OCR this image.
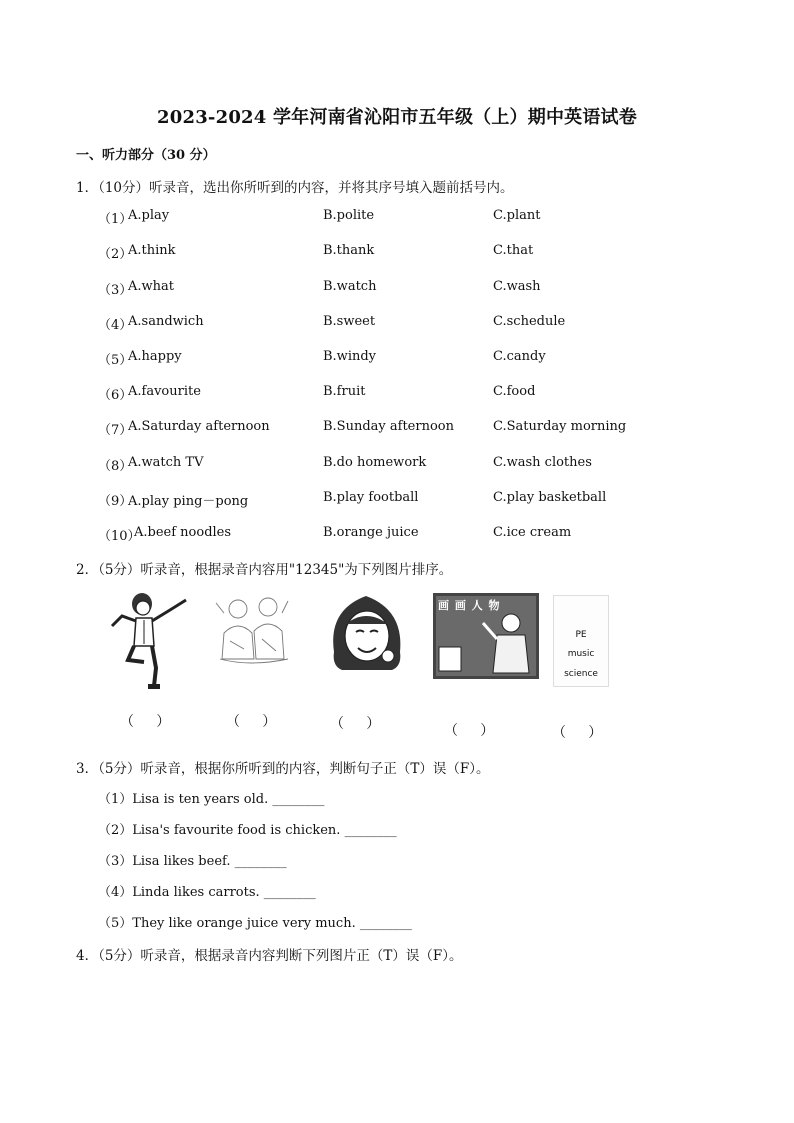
2023-2024 学年河南省沁阳市五年级（上）期中英语试卷
一、听力部分（30 分）
1．（10分）听录音，选出你所听到的内容，并将其序号填入题前括号内。
（1）
A.play	B.polite	C.plant
（2）
A.think	B.thank	C.that
（3）
A.what	B.watch	C.wash
（4）
A.sandwich	B.sweet	C.schedule
（5）
A.happy	B.windy	C.candy
（6）
A.favourite	B.fruit	C.food
（7）
A.Saturday afternoon	B.Sunday afternoon	C.Saturday morning
（8）
A.watch TV	B.do homework	C.wash clothes
（9）
A.play ping－pong	B.play football	C.play basketball
（10）
A.beef noodles	B.orange juice	C.ice cream
2．（5分）听录音，根据录音内容用"12345"为下列图片排序。
画 画 人 物
PE
music
science
（     ）	（     ）	（     ）	（     ）	（     ）
3．（5分）听录音，根据你所听到的内容，判断句子正（T）误（F）。
（1）Lisa is ten years old. ________
（2）Lisa's favourite food is chicken. ________
（3）Lisa likes beef. ________
（4）Linda likes carrots. ________
（5）They like orange juice very much. ________
4．（5分）听录音，根据录音内容判断下列图片正（T）误（F）。
